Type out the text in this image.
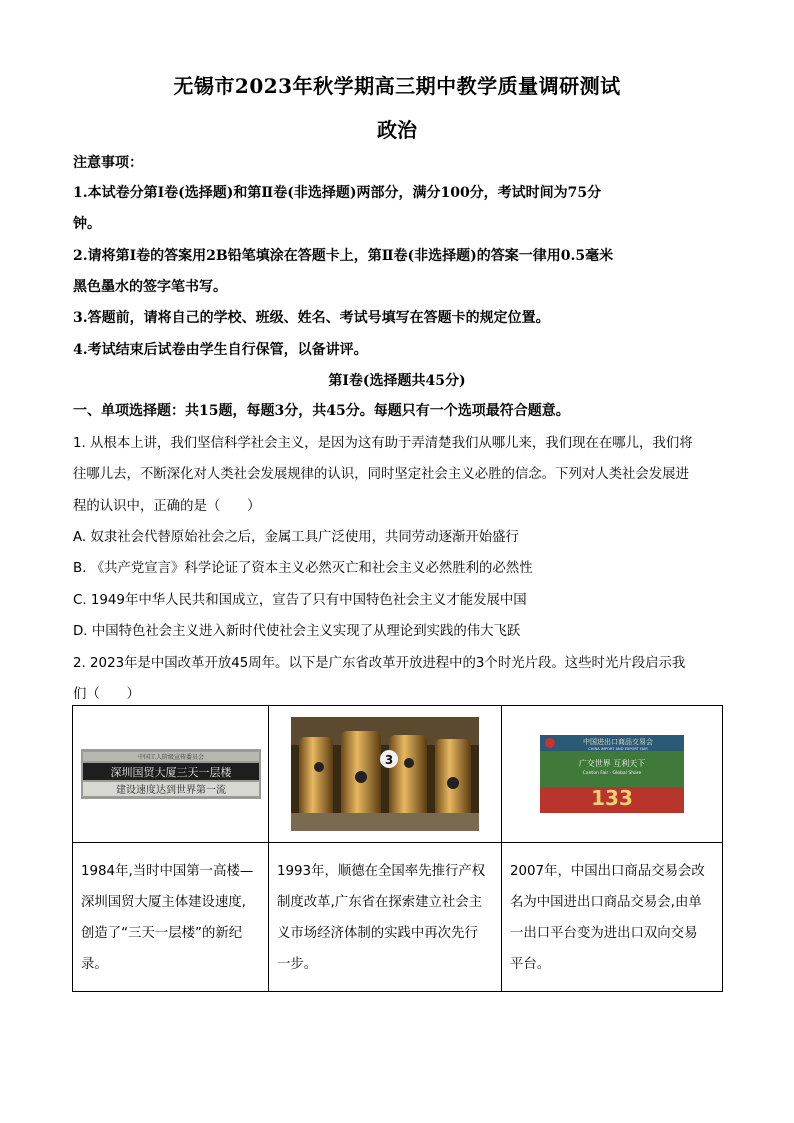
无锡市2023年秋学期高三期中教学质量调研测试
政治
注意事项：
1.本试卷分第Ⅰ卷(选择题)和第Ⅱ卷(非选择题)两部分，满分100分，考试时间为75分
钟。
2.请将第Ⅰ卷的答案用2B铅笔填涂在答题卡上，第Ⅱ卷(非选择题)的答案一律用0.5毫米
黑色墨水的签字笔书写。
3.答题前，请将自己的学校、班级、姓名、考试号填写在答题卡的规定位置。
4.考试结束后试卷由学生自行保管，以备讲评。
第Ⅰ卷(选择题共45分)
一、单项选择题：共15题，每题3分，共45分。每题只有一个选项最符合题意。
1. 从根本上讲，我们坚信科学社会主义，是因为这有助于弄清楚我们从哪儿来，我们现在在哪儿，我们将
往哪儿去，不断深化对人类社会发展规律的认识，同时坚定社会主义必胜的信念。下列对人类社会发展进
程的认识中，正确的是（　　）
A. 奴隶社会代替原始社会之后，金属工具广泛使用，共同劳动逐渐开始盛行
B. 《共产党宣言》科学论证了资本主义必然灭亡和社会主义必然胜利的必然性
C. 1949年中华人民共和国成立，宣告了只有中国特色社会主义才能发展中国
D. 中国特色社会主义进入新时代使社会主义实现了从理论到实践的伟大飞跃
2. 2023年是中国改革开放45周年。以下是广东省改革开放进程中的3个时光片段。这些时光片段启示我
们（　　）
中国工人阶级宣传委员会
深圳国贸大厦三天一层楼
建设速度达到世界第一流	3	中国进出口商品交易会
CHINA IMPORT AND EXPORT FAIR
广交世界 互利天下
Canton Fair · Global Share
133

1984年,当时中国第一高楼—
深圳国贸大厦主体建设速度,
创造了“三天一层楼”的新纪
录。	1993年，顺德在全国率先推行产权
制度改革,广东省在探索建立社会主
义市场经济体制的实践中再次先行
一步。	2007年，中国出口商品交易会改
名为中国进出口商品交易会,由单
一出口平台变为进出口双向交易
平台。
